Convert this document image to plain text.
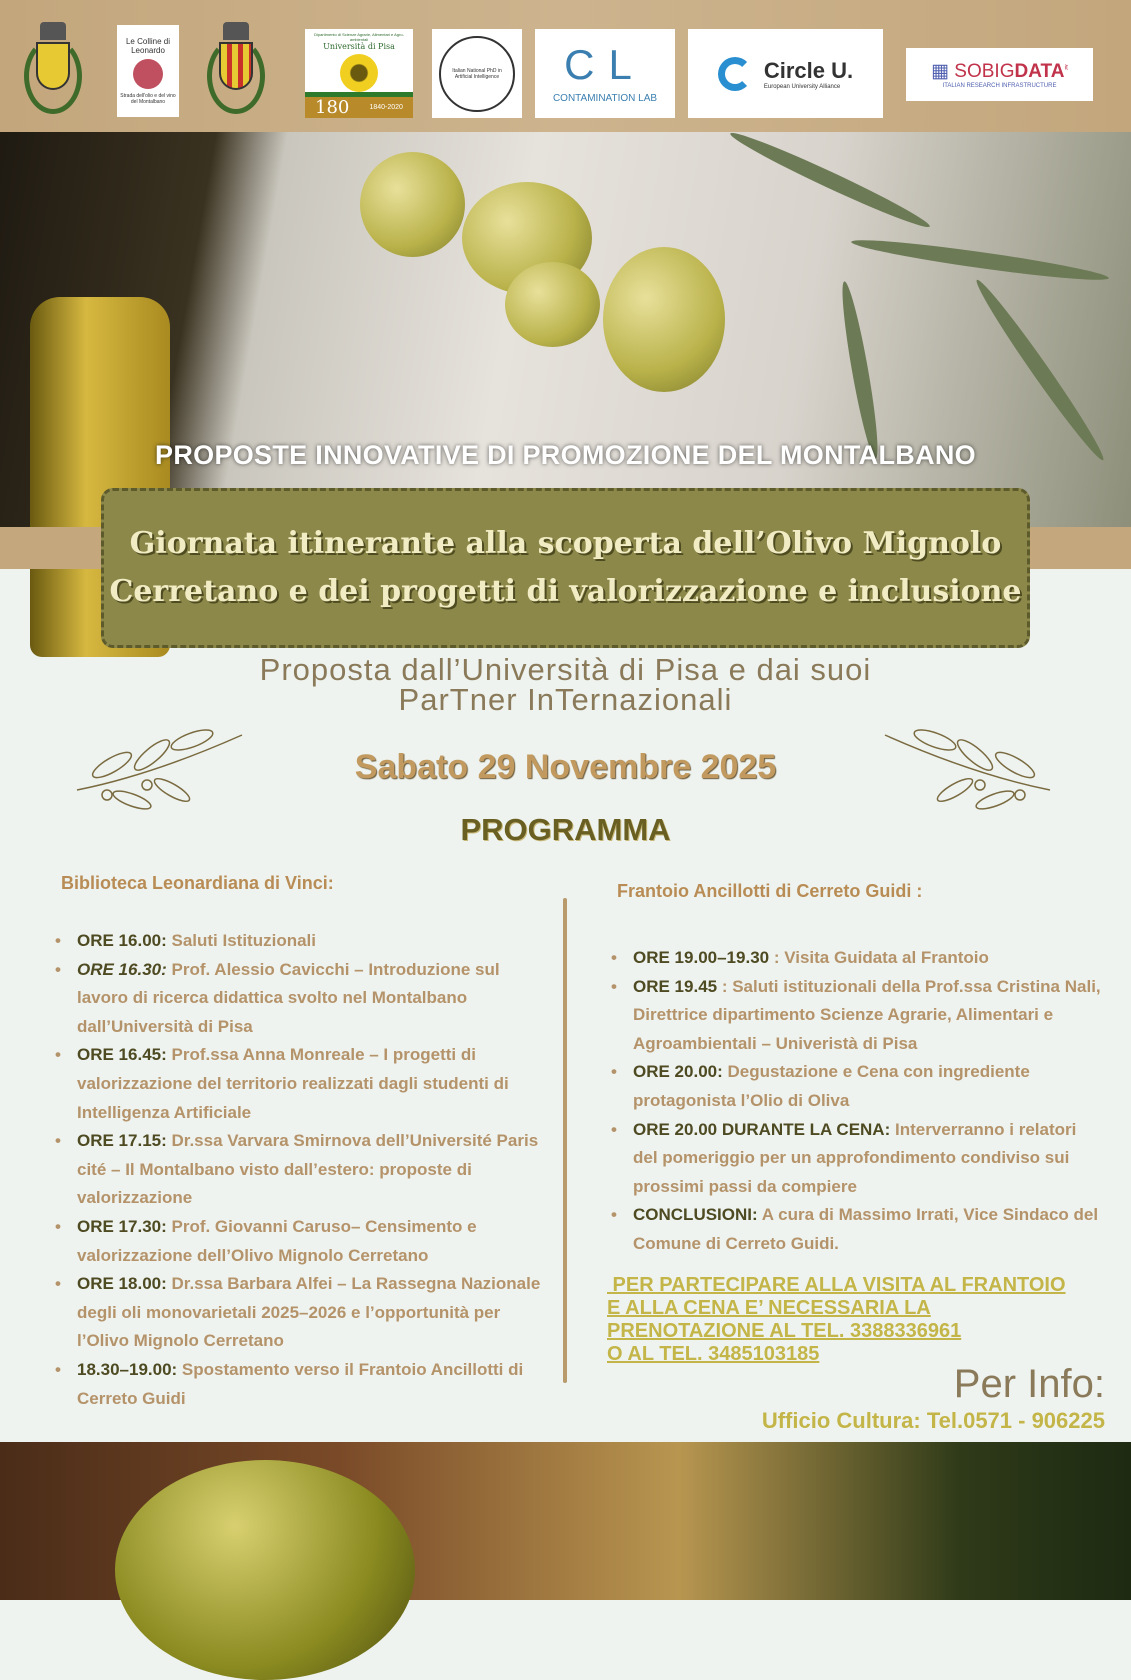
Le Colline di Leonardo
Strada dell'olio e del vino del Montalbano
Dipartimento di Scienze Agrarie, Alimentari e Agro-ambientali
Università di Pisa
180	1840-2020
Italian National PhD in Artificial Intelligence	CL
CONTAMINATION LAB
Circle U.
European University Alliance
▦ $SOBIGDATA^{it}$
ITALIAN RESEARCH INFRASTRUCTURE
PROPOSTE INNOVATIVE DI PROMOZIONE DEL MONTALBANO
Giornata itinerante alla scoperta dell’Olivo Mignolo
Cerretano e dei progetti di valorizzazione e inclusione
Proposta dall’Università di Pisa e dai suoi
ParTner InTernazionali
Sabato 29 Novembre 2025
PROGRAMMA
Biblioteca Leonardiana di Vinci:
• ORE 16.00: Saluti Istituzionali
• ORE 16.30: Prof. Alessio Cavicchi – Introduzione sul lavoro di ricerca didattica svolto nel Montalbano dall’Università di Pisa
• ORE 16.45: Prof.ssa Anna Monreale – I progetti di valorizzazione del territorio realizzati dagli studenti di Intelligenza Artificiale
• ORE 17.15: Dr.ssa Varvara Smirnova dell’Université Paris cité – Il Montalbano visto dall’estero: proposte di valorizzazione
• ORE 17.30: Prof. Giovanni Caruso– Censimento e valorizzazione dell’Olivo Mignolo Cerretano
• ORE 18.00: Dr.ssa Barbara Alfei – La Rassegna Nazionale degli oli monovarietali 2025–2026 e l’opportunità per l’Olivo Mignolo Cerretano
• 18.30–19.00: Spostamento verso il Frantoio Ancillotti di Cerreto Guidi
Frantoio Ancillotti di Cerreto Guidi :
• ORE 19.00–19.30 : Visita Guidata al Frantoio
• ORE 19.45 : Saluti istituzionali della Prof.ssa Cristina Nali, Direttrice dipartimento Scienze Agrarie, Alimentari e Agroambientali – Univeristà di Pisa
• ORE 20.00: Degustazione e Cena con ingrediente protagonista l’Olio di Oliva
• ORE 20.00 DURANTE LA CENA: Interverranno i relatori del pomeriggio per un approfondimento condiviso sui prossimi passi da compiere
• CONCLUSIONI: A cura di Massimo Irrati, Vice Sindaco del Comune di Cerreto Guidi.
PER PARTECIPARE ALLA VISITA AL FRANTOIO
E ALLA CENA E’ NECESSARIA LA
PRENOTAZIONE AL TEL. 3388336961
O AL TEL. 3485103185
Per Info:
Ufficio Cultura: Tel.0571 - 906225
